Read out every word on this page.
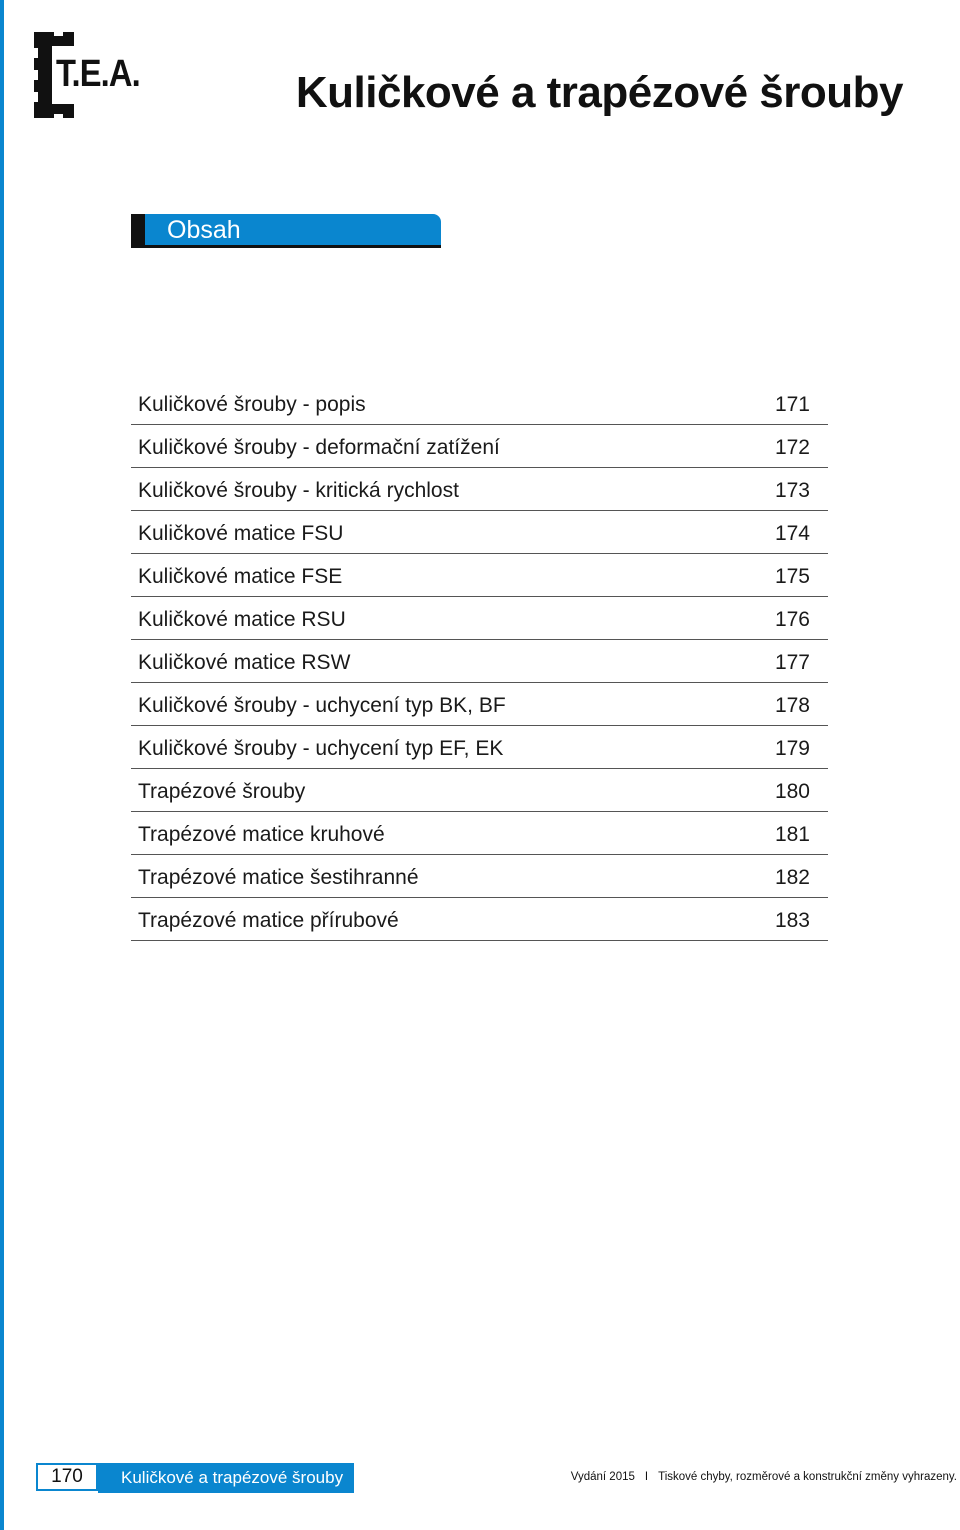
T.E.A.	Kuličkové a trapézové šrouby
Obsah
Kuličkové šrouby - popis	171
Kuličkové šrouby - deformační zatížení	172
Kuličkové šrouby - kritická rychlost	173
Kuličkové matice FSU	174
Kuličkové matice FSE	175
Kuličkové matice RSU	176
Kuličkové matice RSW	177
Kuličkové šrouby - uchycení typ BK, BF	178
Kuličkové šrouby - uchycení typ EF, EK	179
Trapézové šrouby	180
Trapézové matice kruhové	181
Trapézové matice šestihranné	182
Trapézové matice přírubové	183
170	Kuličkové a trapézové šrouby	Vydání 2015 I Tiskové chyby, rozměrové a konstrukční změny vyhrazeny.
